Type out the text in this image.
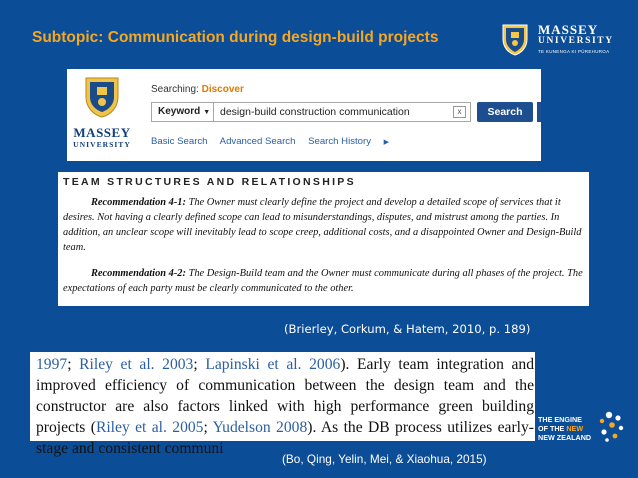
Subtopic: Communication during design-build projects	MASSEY
UNIVERSITY
TE KUNENGA KI PŪREHUROA
MASSEY
UNIVERSITY
Searching: Discover
Keyword ▼ design-build construction communication	x	Search
Basic Search Advanced Search Search History ▶
TEAM STRUCTURES AND RELATIONSHIPS

Recommendation 4-1: The Owner must clearly define the project and develop a detailed scope of services that it desires. Not having a clearly defined scope can lead to misunderstandings, disputes, and mistrust among the parties. In addition, an unclear scope will inevitably lead to scope creep, additional costs, and a disappointed Owner and Design-Build team.

Recommendation 4-2: The Design-Build team and the Owner must communicate during all phases of the project. The expectations of each party must be clearly communicated to the other.

(Brierley, Corkum, & Hatem, 2010, p. 189)

1997; Riley et al. 2003; Lapinski et al. 2006). Early team integration and improved efficiency of communication between the design team and the constructor are also factors linked with high performance green building projects (Riley et al. 2005; Yudelson 2008). As the DB process utilizes early-stage and consistent communi

(Bo, Qing, Yelin, Mei, & Xiaohua, 2015)
THE ENGINE
OF THE NEW
NEW ZEALAND
